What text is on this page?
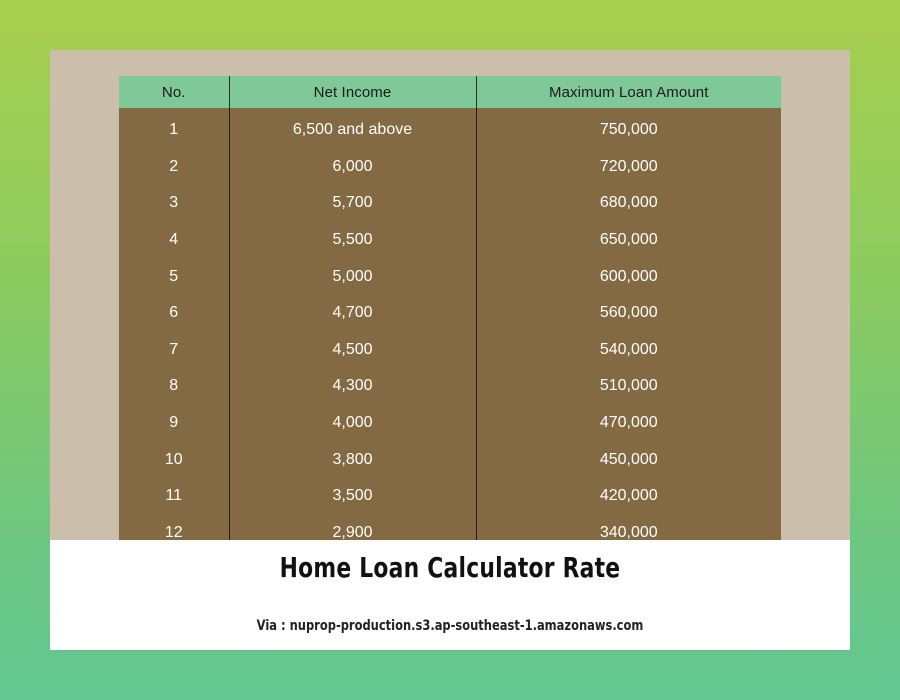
No.	Net Income	Maximum Loan Amount
1	6,500 and above	750,000
2	6,000	720,000
3	5,700	680,000
4	5,500	650,000
5	5,000	600,000
6	4,700	560,000
7	4,500	540,000
8	4,300	510,000
9	4,000	470,000
10	3,800	450,000
11	3,500	420,000
12	2,900	340,000
Home Loan Calculator Rate
Via : nuprop-production.s3.ap-southeast-1.amazonaws.com
